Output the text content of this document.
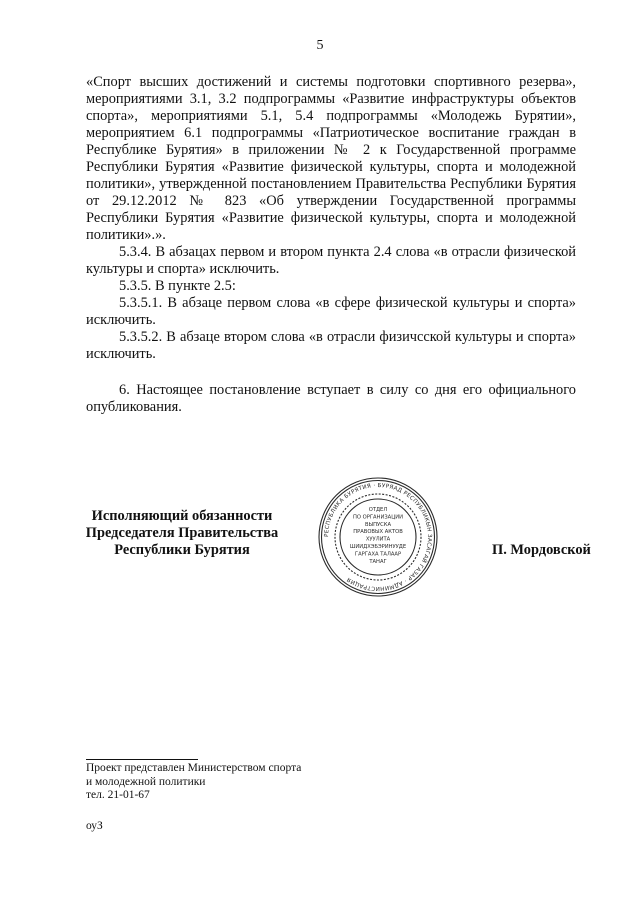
5

«Спорт высших достижений и системы подготовки спортивного резерва», мероприятиями 3.1, 3.2 подпрограммы «Развитие инфраструктуры объектов спорта», мероприятиями 5.1, 5.4 подпрограммы «Молодежь Бурятии», мероприятием 6.1 подпрограммы «Патриотическое воспитание граждан в Республике Бурятия» в приложении № 2 к Государственной программе Республики Бурятия «Развитие физической культуры, спорта и молодежной политики», утвержденной постановлением Правительства Республики Бурятия от 29.12.2012 № 823 «Об утверждении Государственной программы Республики Бурятия «Развитие физической культуры, спорта и молодежной политики».».

5.3.4. В абзацах первом и втором пункта 2.4 слова «в отрасли физической культуры и спорта» исключить.

5.3.5. В пункте 2.5:

5.3.5.1. В абзаце первом слова «в сфере физической культуры и спорта» исключить.

5.3.5.2. В абзаце втором слова «в отрасли физичсской культуры и спорта» исключить.

6. Настоящее постановление вступает в силу со дня его официального опубликования.

Исполняющий обязанности
Председателя Правительства
Республики Бурятия
РЕСПУБЛИКА БУРЯТИЯ · БУРЯАД РЕСПУБЛИКЫН ЗАСАГАЙ ГАЗАР · АДМИНИСТРАЦИЯ
ОТДЕЛ
ПО ОРГАНИЗАЦИИ
ВЫПУСКА
ПРАВОВЫХ АКТОВ
ХУУЛИТА
ШИИДХЭБЭРИНУУДЕ
ГАРГАХА ТАЛААР
ТАНАГ
П. Мордовской
Проект представлен Министерством спорта
и молодежной политики
тел. 21-01-67
оуЗ
